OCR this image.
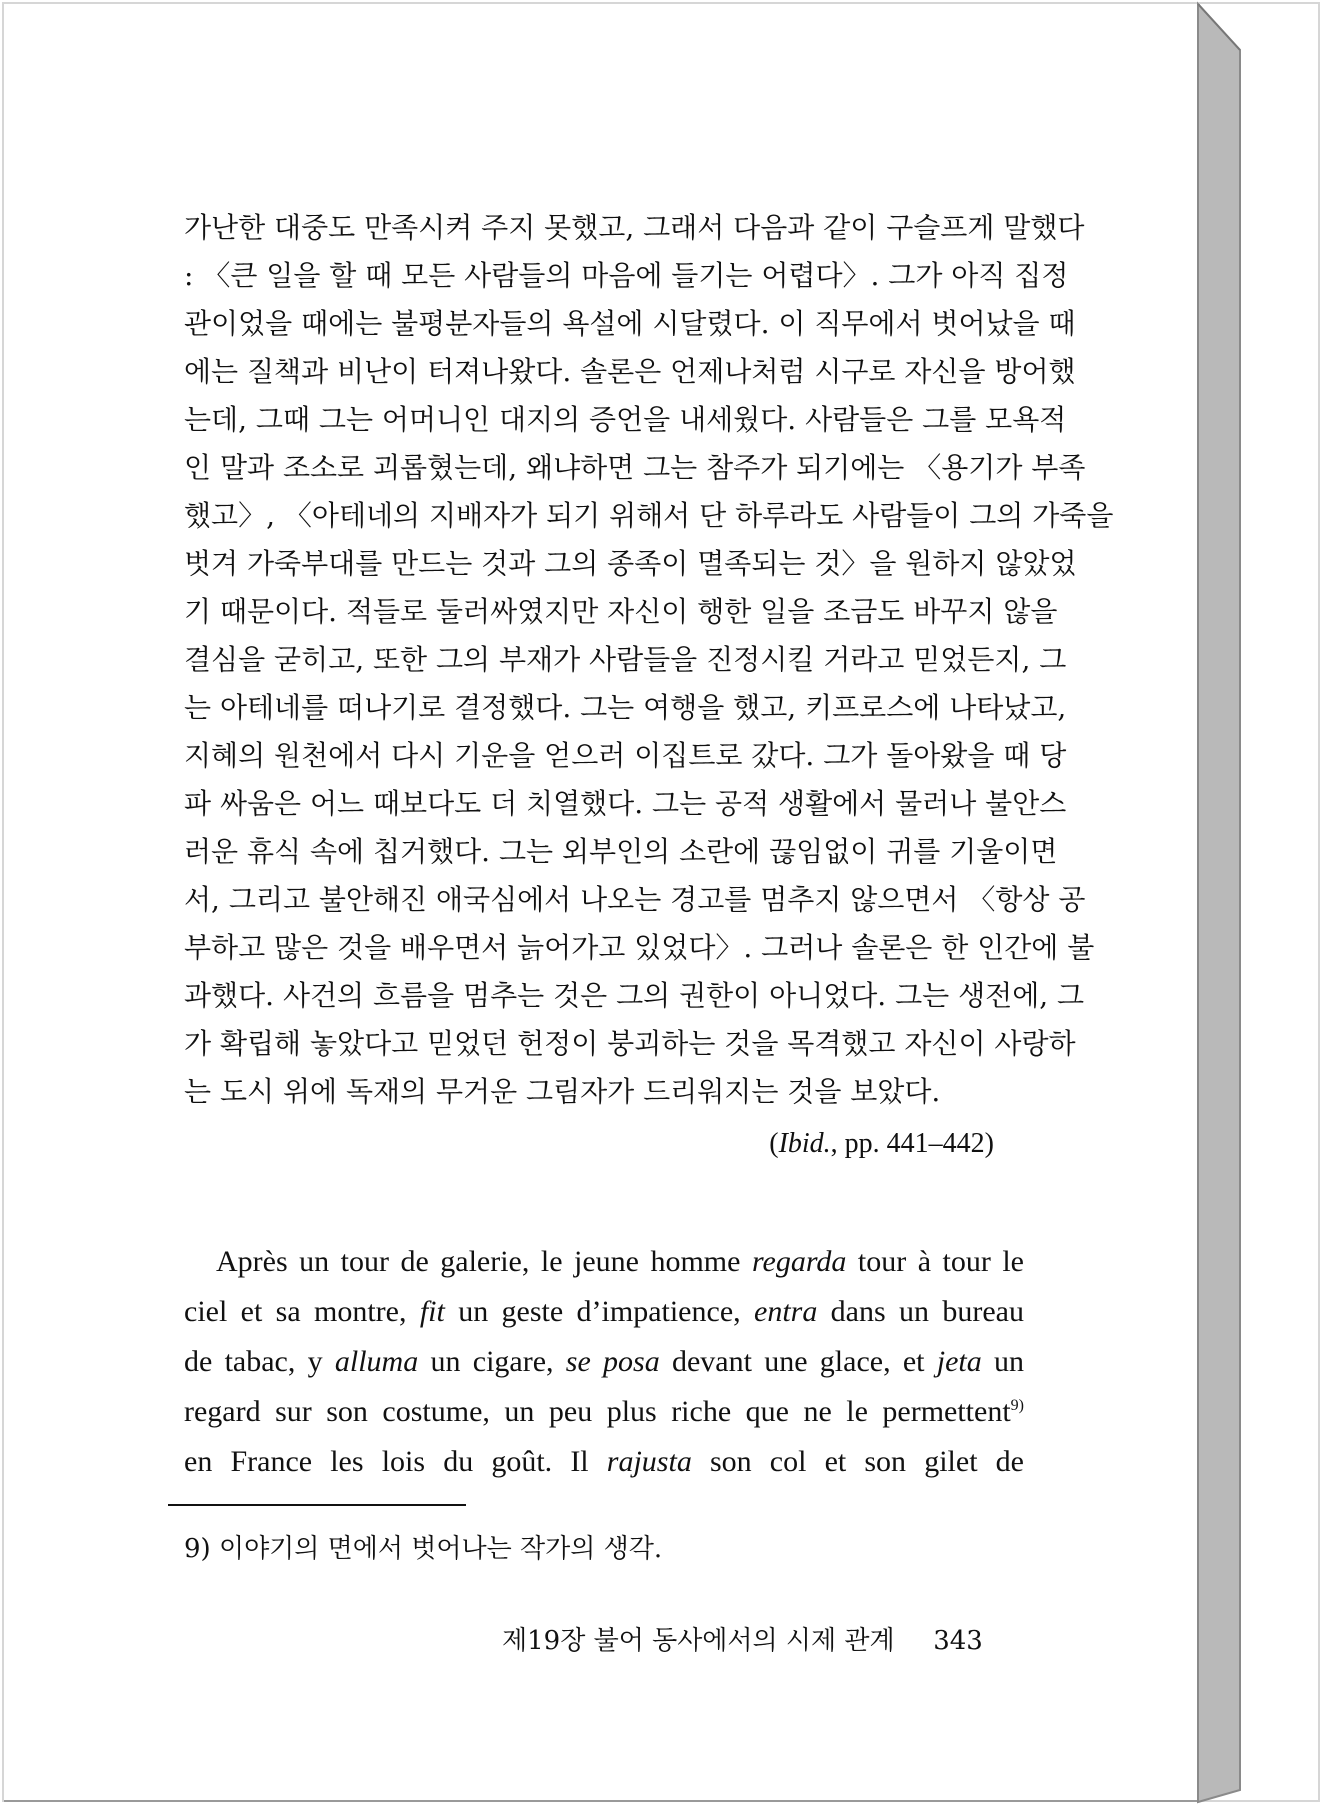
가난한 대중도 만족시켜 주지 못했고, 그래서 다음과 같이 구슬프게 말했다
: 〈큰 일을 할 때 모든 사람들의 마음에 들기는 어렵다〉. 그가 아직 집정
관이었을 때에는 불평분자들의 욕설에 시달렸다. 이 직무에서 벗어났을 때
에는 질책과 비난이 터져나왔다. 솔론은 언제나처럼 시구로 자신을 방어했
는데, 그때 그는 어머니인 대지의 증언을 내세웠다. 사람들은 그를 모욕적
인 말과 조소로 괴롭혔는데, 왜냐하면 그는 참주가 되기에는 〈용기가 부족
했고〉, 〈아테네의 지배자가 되기 위해서 단 하루라도 사람들이 그의 가죽을
벗겨 가죽부대를 만드는 것과 그의 종족이 멸족되는 것〉을 원하지 않았었
기 때문이다. 적들로 둘러싸였지만 자신이 행한 일을 조금도 바꾸지 않을
결심을 굳히고, 또한 그의 부재가 사람들을 진정시킬 거라고 믿었든지, 그
는 아테네를 떠나기로 결정했다. 그는 여행을 했고, 키프로스에 나타났고,
지혜의 원천에서 다시 기운을 얻으러 이집트로 갔다. 그가 돌아왔을 때 당
파 싸움은 어느 때보다도 더 치열했다. 그는 공적 생활에서 물러나 불안스
러운 휴식 속에 칩거했다. 그는 외부인의 소란에 끊임없이 귀를 기울이면
서, 그리고 불안해진 애국심에서 나오는 경고를 멈추지 않으면서 〈항상 공
부하고 많은 것을 배우면서 늙어가고 있었다〉. 그러나 솔론은 한 인간에 불
과했다. 사건의 흐름을 멈추는 것은 그의 권한이 아니었다. 그는 생전에, 그
가 확립해 놓았다고 믿었던 헌정이 붕괴하는 것을 목격했고 자신이 사랑하
는 도시 위에 독재의 무거운 그림자가 드리워지는 것을 보았다.
(Ibid., pp. 441–442)
Après un tour de galerie, le jeune homme regarda tour à tour le
ciel et sa montre, fit un geste d’impatience, entra dans un bureau
de tabac, y alluma un cigare, se posa devant une glace, et jeta un
regard sur son costume, un peu plus riche que ne le permettent$^{9)}$
en France les lois du goût. Il rajusta son col et son gilet de
9) 이야기의 면에서 벗어나는 작가의 생각.
제19장 불어 동사에서의 시제 관계 343
